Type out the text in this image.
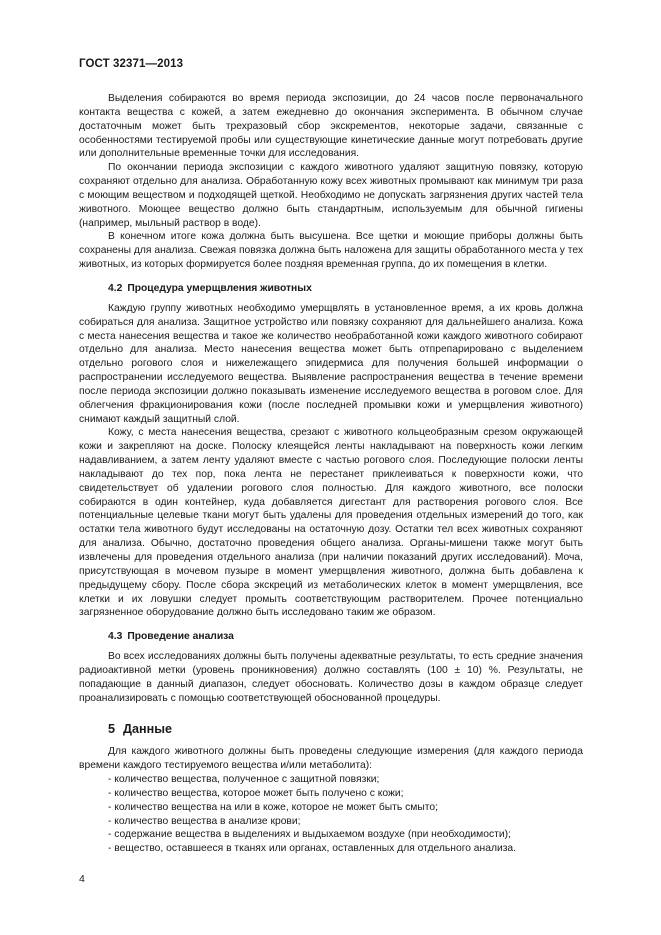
ГОСТ 32371—2013

Выделения собираются во время периода экспозиции, до 24 часов после первоначального контакта вещества с кожей, а затем ежедневно до окончания эксперимента. В обычном случае достаточным может быть трехразовый сбор экскрементов, некоторые задачи, связанные с особенностями тестируемой пробы или существующие кинетические данные могут потребовать другие или дополнительные временные точки для исследования.

По окончании периода экспозиции с каждого животного удаляют защитную повязку, которую сохраняют отдельно для анализа. Обработанную кожу всех животных промывают как минимум три раза с моющим веществом и подходящей щеткой. Необходимо не допускать загрязнения других частей тела животного. Моющее вещество должно быть стандартным, используемым для обычной гигиены (например, мыльный раствор в воде).

В конечном итоге кожа должна быть высушена. Все щетки и моющие приборы должны быть сохранены для анализа. Свежая повязка должна быть наложена для защиты обработанного места у тех животных, из которых формируется более поздняя временная группа, до их помещения в клетки.

4.2 Процедура умерщвления животных

Каждую группу животных необходимо умерщвлять в установленное время, а их кровь должна собираться для анализа. Защитное устройство или повязку сохраняют для дальнейшего анализа. Кожа с места нанесения вещества и такое же количество необработанной кожи каждого животного собирают отдельно для анализа. Место нанесения вещества может быть отпрепарировано с выделением отдельно рогового слоя и нижележащего эпидермиса для получения большей информации о распространении исследуемого вещества. Выявление распространения вещества в течение времени после периода экспозиции должно показывать изменение исследуемого вещества в роговом слое. Для облегчения фракционирования кожи (после последней промывки кожи и умерщвления животного) снимают каждый защитный слой.

Кожу, с места нанесения вещества, срезают с животного кольцеобразным срезом окружающей кожи и закрепляют на доске. Полоску клеящейся ленты накладывают на поверхность кожи легким надавливанием, а затем ленту удаляют вместе с частью рогового слоя. Последующие полоски ленты накладывают до тех пор, пока лента не перестанет приклеиваться к поверхности кожи, что свидетельствует об удалении рогового слоя полностью. Для каждого животного, все полоски собираются в один контейнер, куда добавляется дигестант для растворения рогового слоя. Все потенциальные целевые ткани могут быть удалены для проведения отдельных измерений до того, как остатки тела животного будут исследованы на остаточную дозу. Остатки тел всех животных сохраняют для анализа. Обычно, достаточно проведения общего анализа. Органы-мишени также могут быть извлечены для проведения отдельного анализа (при наличии показаний других исследований). Моча, присутствующая в мочевом пузыре в момент умерщвления животного, должна быть добавлена к предыдущему сбору. После сбора экскреций из метаболических клеток в момент умерщвления, все клетки и их ловушки следует промыть соответствующим растворителем. Прочее потенциально загрязненное оборудование должно быть исследовано таким же образом.

4.3 Проведение анализа

Во всех исследованиях должны быть получены адекватные результаты, то есть средние значения радиоактивной метки (уровень проникновения) должно составлять (100 ± 10) %. Результаты, не попадающие в данный диапазон, следует обосновать. Количество дозы в каждом образце следует проанализировать с помощью соответствующей обоснованной процедуры.

5 Данные

Для каждого животного должны быть проведены следующие измерения (для каждого периода времени каждого тестируемого вещества и/или метаболита):

- количество вещества, полученное с защитной повязки;
- количество вещества, которое может быть получено с кожи;
- количество вещества на или в коже, которое не может быть смыто;
- количество вещества в анализе крови;
- содержание вещества в выделениях и выдыхаемом воздухе (при необходимости);
- вещество, оставшееся в тканях или органах, оставленных для отдельного анализа.
4
